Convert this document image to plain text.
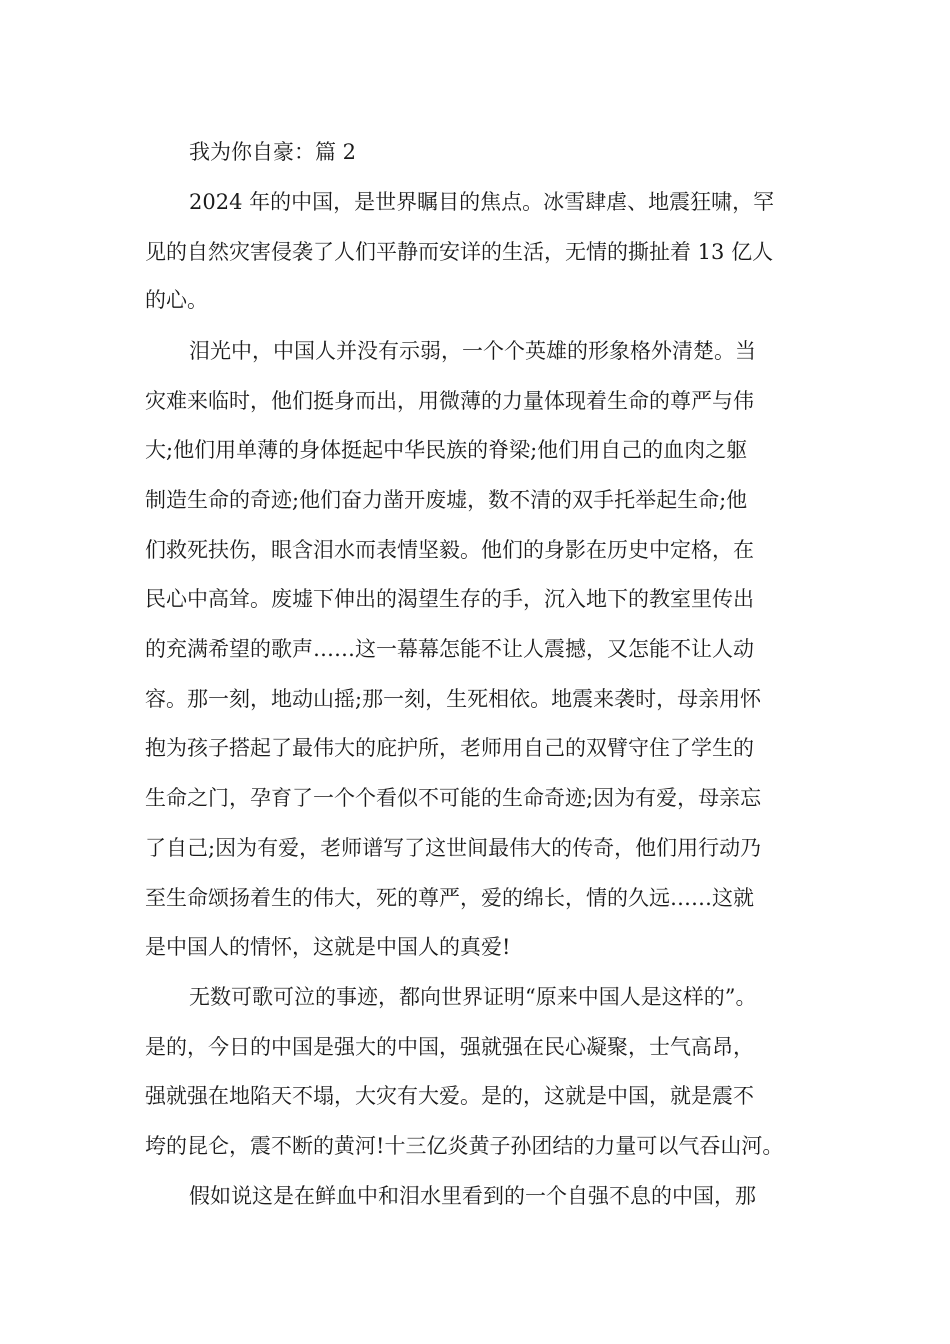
我为你自豪：篇 2
2024 年的中国，是世界瞩目的焦点。冰雪肆虐、地震狂啸，罕
见的自然灾害侵袭了人们平静而安详的生活，无情的撕扯着 13 亿人
的心。
泪光中，中国人并没有示弱，一个个英雄的形象格外清楚。当
灾难来临时，他们挺身而出，用微薄的力量体现着生命的尊严与伟
大;他们用单薄的身体挺起中华民族的脊梁;他们用自己的血肉之躯
制造生命的奇迹;他们奋力凿开废墟，数不清的双手托举起生命;他
们救死扶伤，眼含泪水而表情坚毅。他们的身影在历史中定格，在
民心中高耸。废墟下伸出的渴望生存的手，沉入地下的教室里传出
的充满希望的歌声……这一幕幕怎能不让人震撼，又怎能不让人动
容。那一刻，地动山摇;那一刻，生死相依。地震来袭时，母亲用怀
抱为孩子搭起了最伟大的庇护所，老师用自己的双臂守住了学生的
生命之门，孕育了一个个看似不可能的生命奇迹;因为有爱，母亲忘
了自己;因为有爱，老师谱写了这世间最伟大的传奇，他们用行动乃
至生命颂扬着生的伟大，死的尊严，爱的绵长，情的久远……这就
是中国人的情怀，这就是中国人的真爱!
无数可歌可泣的事迹，都向世界证明“原来中国人是这样的”。
是的，今日的中国是强大的中国，强就强在民心凝聚，士气高昂，
强就强在地陷天不塌，大灾有大爱。是的，这就是中国，就是震不
垮的昆仑，震不断的黄河!十三亿炎黄子孙团结的力量可以气吞山河。
假如说这是在鲜血中和泪水里看到的一个自强不息的中国，那
